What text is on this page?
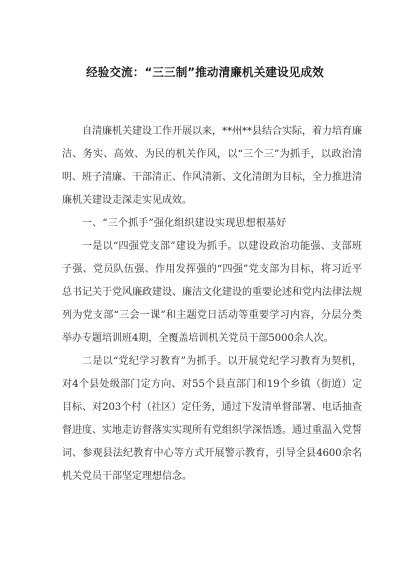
经验交流：“三三制”推动清廉机关建设见成效

自清廉机关建设工作开展以来，**州**县结合实际，着力培育廉洁、务实、高效、为民的机关作风，以“三个三”为抓手，以政治清明、班子清廉、干部清正、作风清新、文化清朗为目标，全力推进清廉机关建设走深走实见成效。

一、“三个抓手”强化组织建设实现思想根基好

一是以“四强党支部”建设为抓手。以建设政治功能强、支部班子强、党员队伍强、作用发挥强的“四强”党支部为目标，将习近平总书记关于党风廉政建设、廉洁文化建设的重要论述和党内法律法规列为党支部“三会一课”和主题党日活动等重要学习内容，分层分类举办专题培训班4期，全覆盖培训机关党员干部5000余人次。

二是以“党纪学习教育”为抓手。以开展党纪学习教育为契机，对4个县处级部门定方向、对55个县直部门和19个乡镇（街道）定目标、对203个村（社区）定任务，通过下发清单督部署、电话抽查督进度、实地走访督落实实现所有党组织学深悟透。通过重温入党誓词、参观县法纪教育中心等方式开展警示教育，引导全县4600余名机关党员干部坚定理想信念。
